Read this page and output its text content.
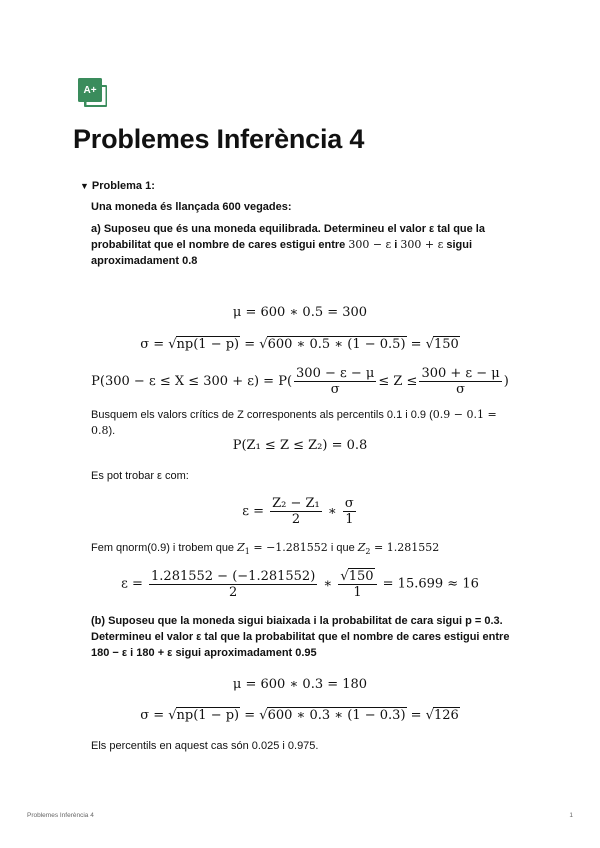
A+
Problemes Inferència 4
▼ Problema 1:
Una moneda és llançada 600 vegades:
a) Suposeu que és una moneda equilibrada. Determineu el valor ε tal que la
probabilitat que el nombre de cares estigui entre 300 − ε i 300 + ε sigui
aproximadament 0.8
μ = 600 ∗ 0.5 = 300
σ = √np(1 − p) = √600 ∗ 0.5 ∗ (1 − 0.5) = √150
$P(300 - \varepsilon \le X \le 300 + \varepsilon) = P( \frac{300 - \varepsilon - \mu}{\sigma} \le Z \le \frac{300 + \varepsilon - \mu}{\sigma}$ )
Busquem els valors crítics de Z corresponents als percentils 0.1 i 0.9 (0.9 − 0.1 = 0.8).
P(Z₁ ≤ Z ≤ Z₂) = 0.8
Es pot trobar ε com:
$\varepsilon = \frac{\text{Z₂ − Z₁}}{2}$ ∗ $\frac{\sigma}{1}$
Fem qnorm(0.9) i trobem que $Z_1 = -1.281552$ i que $Z_2 = 1.281552$
$\varepsilon = \frac{1.281552 - (-1.281552)}{2}$ ∗ $\frac{√150}{1} = 15.699 \approx 16$
(b) Suposeu que la moneda sigui biaixada i la probabilitat de cara sigui p = 0.3.
Determineu el valor ε tal que la probabilitat que el nombre de cares estigui entre
180 − ε i 180 + ε sigui aproximadament 0.95
μ = 600 ∗ 0.3 = 180
σ = √np(1 − p) = √600 ∗ 0.3 ∗ (1 − 0.3) = √126
Els percentils en aquest cas són 0.025 i 0.975.
Problemes Inferència 4	1
